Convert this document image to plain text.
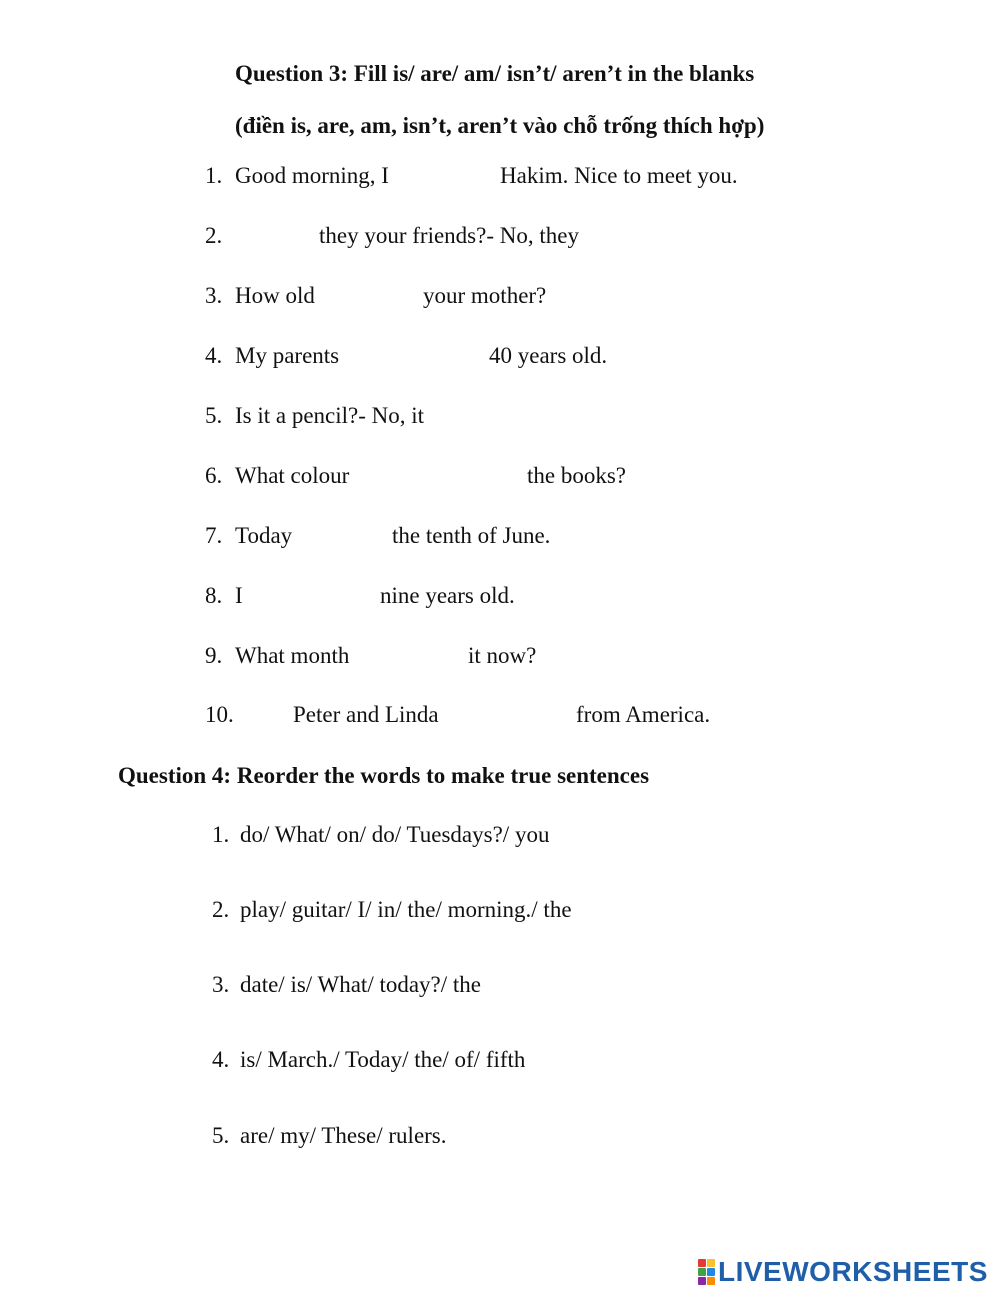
Question 3: Fill is/ are/ am/ isn’t/ aren’t in the blanks
(điền is, are, am, isn’t, aren’t vào chỗ trống thích hợp)
1. Good morning, I	Hakim. Nice to meet you.
2.	they your friends?- No, they
3. How old	your mother?
4. My parents	40 years old.
5. Is it a pencil?- No, it
6. What colour	the books?
7. Today	the tenth of June.
8. I	nine years old.
9. What month	it now?
10.	Peter and Linda	from America.
Question 4: Reorder the words to make true sentences
1. do/ What/ on/ do/ Tuesdays?/ you
2. play/ guitar/ I/ in/ the/ morning./ the
3. date/ is/ What/ today?/ the
4. is/ March./ Today/ the/ of/ fifth
5. are/ my/ These/ rulers.
LIVEWORKSHEETS
